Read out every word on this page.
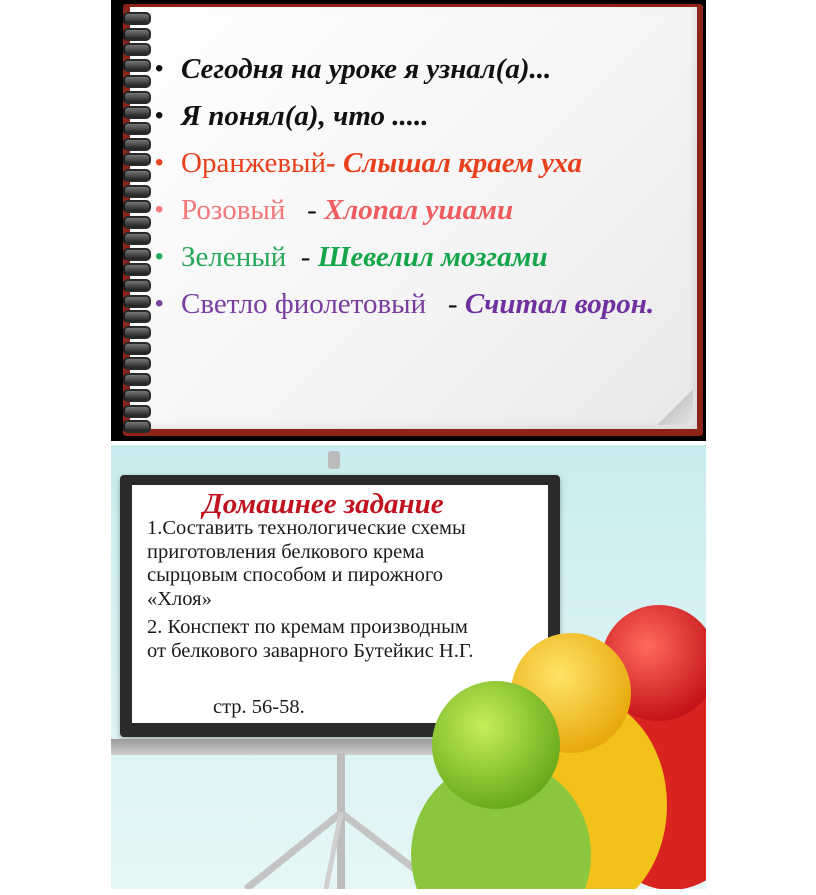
• Сегодня на уроке я узнал(а)...
• Я понял(а), что .....
• Оранжевый- Слышал краем уха
• Розовый   - Хлопал ушами
• Зеленый  - Шевелил мозгами
• Светло фиолетовый   - Считал ворон.
Домашнее задание

1.Составить технологические схемы приготовления белкового крема сырцовым способом и пирожного «Хлоя»

2. Конспект по кремам производным от белкового заварного Бутейкис Н.Г.

стр. 56-58.
